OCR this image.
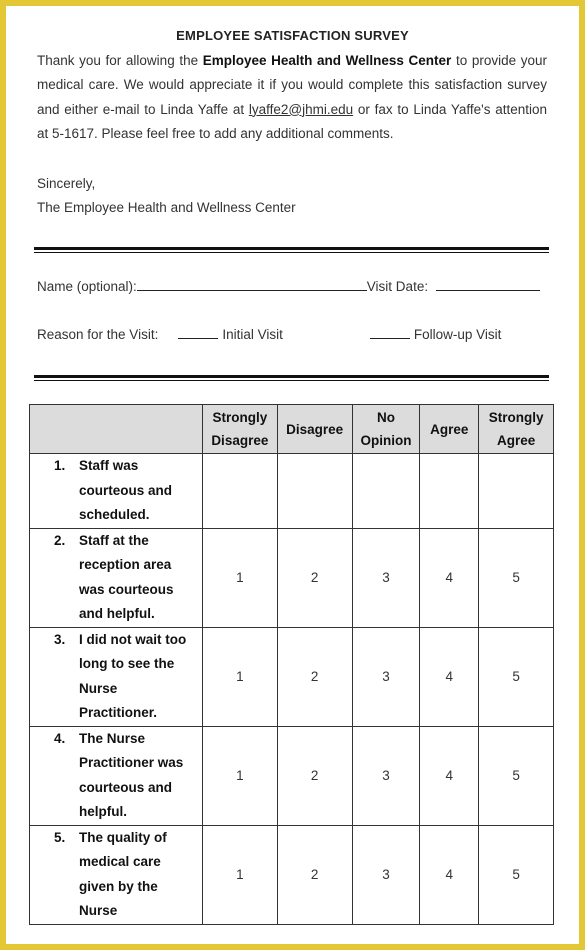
EMPLOYEE SATISFACTION SURVEY
Thank you for allowing the Employee Health and Wellness Center to provide your medical care. We would appreciate it if you would complete this satisfaction survey and either e-mail to Linda Yaffe at lyaffe2@jhmi.edu or fax to Linda Yaffe's attention at 5-1617. Please feel free to add any additional comments.
Sincerely,
The Employee Health and Wellness Center
Name (optional):	Visit Date:
Reason for the Visit:	Initial Visit	Follow-up Visit
	Strongly Disagree	Disagree	No Opinion	Agree	Strongly Agree

1. Staff was courteous and scheduled.					

2. Staff at the reception area was courteous and helpful.	1	2	3	4	5

3. I did not wait too long to see the Nurse Practitioner.	1	2	3	4	5

4. The Nurse Practitioner was courteous and helpful.	1	2	3	4	5

5. The quality of medical care given by the Nurse	1	2	3	4	5
